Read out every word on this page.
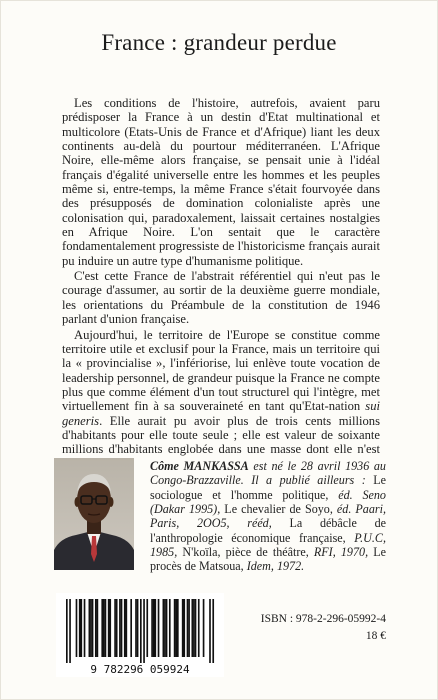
France : grandeur perdue

Les conditions de l'histoire, autrefois, avaient paru prédisposer la France à un destin d'Etat multinational et multicolore (Etats-Unis de France et d'Afrique) liant les deux continents au-delà du pourtour méditerranéen. L'Afrique Noire, elle-même alors française, se pensait unie à l'idéal français d'égalité universelle entre les hommes et les peuples même si, entre-temps, la même France s'était fourvoyée dans des présupposés de domination colonialiste après une colonisation qui, paradoxalement, laissait certaines nostalgies en Afrique Noire. L'on sentait que le caractère fondamentalement progressiste de l'historicisme français aurait pu induire un autre type d'humanisme politique.

C'est cette France de l'abstrait référentiel qui n'eut pas le courage d'assumer, au sortir de la deuxième guerre mondiale, les orientations du Préambule de la constitution de 1946 parlant d'union française.

Aujourd'hui, le territoire de l'Europe se constitue comme territoire utile et exclusif pour la France, mais un territoire qui la « provincialise », l'infériorise, lui enlève toute vocation de leadership personnel, de grandeur puisque la France ne compte plus que comme élément d'un tout structurel qui l'intègre, met virtuellement fin à sa souveraineté en tant qu'Etat-nation sui generis. Elle aurait pu avoir plus de trois cents millions d'habitants pour elle toute seule ; elle est valeur de soixante millions d'habitants englobée dans une masse dont elle n'est

Côme MANKASSA est né le 28 avril 1936 au Congo-Brazzaville. Il a publié ailleurs : Le sociologue et l'homme politique, éd. Seno (Dakar 1995), Le chevalier de Soyo, éd. Paari, Paris, 2OO5, rééd, La débâcle de l'anthropologie économique française, P.U.C, 1985, N'koïla, pièce de théâtre, RFI, 1970, Le procès de Matsoua, Idem, 1972.
9 782296 059924
ISBN : 978-2-296-05992-4
18 €
